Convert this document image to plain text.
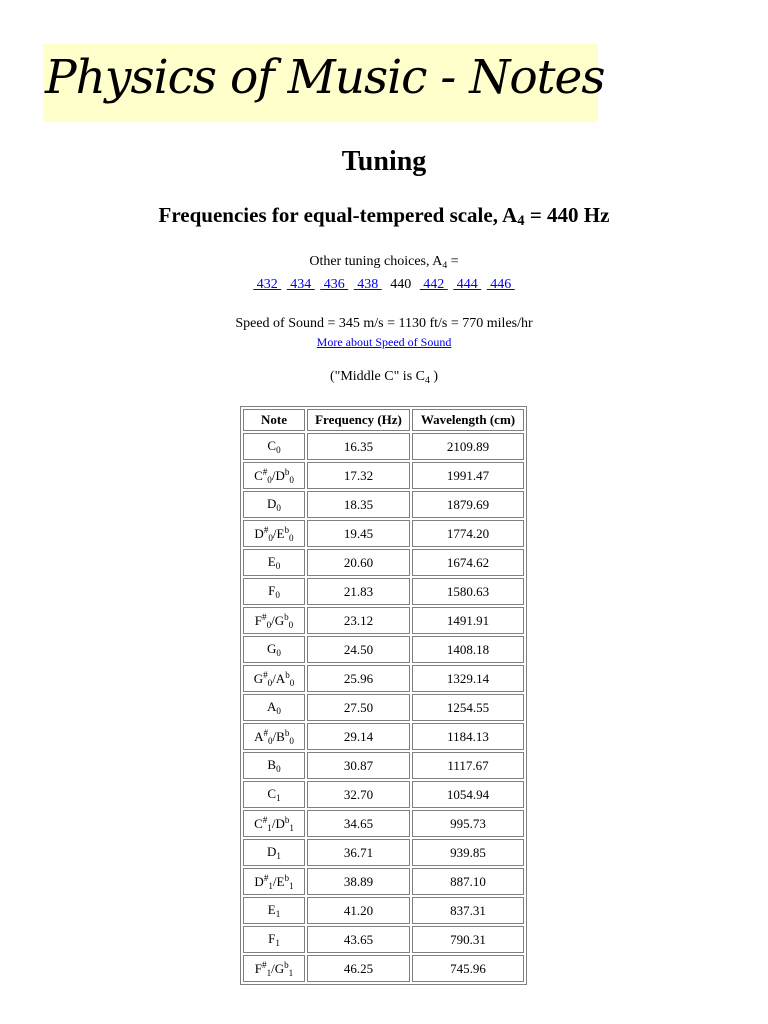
Physics of Music - Notes
Tuning
Frequencies for equal-tempered scale, $A_4 = 440$ Hz
Other tuning choices, $A_4$ =
432   434   436   438  440  442   444   446
Speed of Sound = 345 m/s = 1130 ft/s = 770 miles/hr
More about Speed of Sound
("Middle C" is $C_4$ )
Note	Frequency (Hz)	Wavelength (cm)
$C_0$	16.35	2109.89
$C^{\#}_0/D^b_0$	17.32	1991.47
$D_0$	18.35	1879.69
$D^{\#}_0/E^b_0$	19.45	1774.20
$E_0$	20.60	1674.62
$F_0$	21.83	1580.63
$F^{\#}_0/G^b_0$	23.12	1491.91
$G_0$	24.50	1408.18
$G^{\#}_0/A^b_0$	25.96	1329.14
$A_0$	27.50	1254.55
$A^{\#}_0/B^b_0$	29.14	1184.13
$B_0$	30.87	1117.67
$C_1$	32.70	1054.94
$C^{\#}_1/D^b_1$	34.65	995.73
$D_1$	36.71	939.85
$D^{\#}_1/E^b_1$	38.89	887.10
$E_1$	41.20	837.31
$F_1$	43.65	790.31
$F^{\#}_1/G^b_1$	46.25	745.96
